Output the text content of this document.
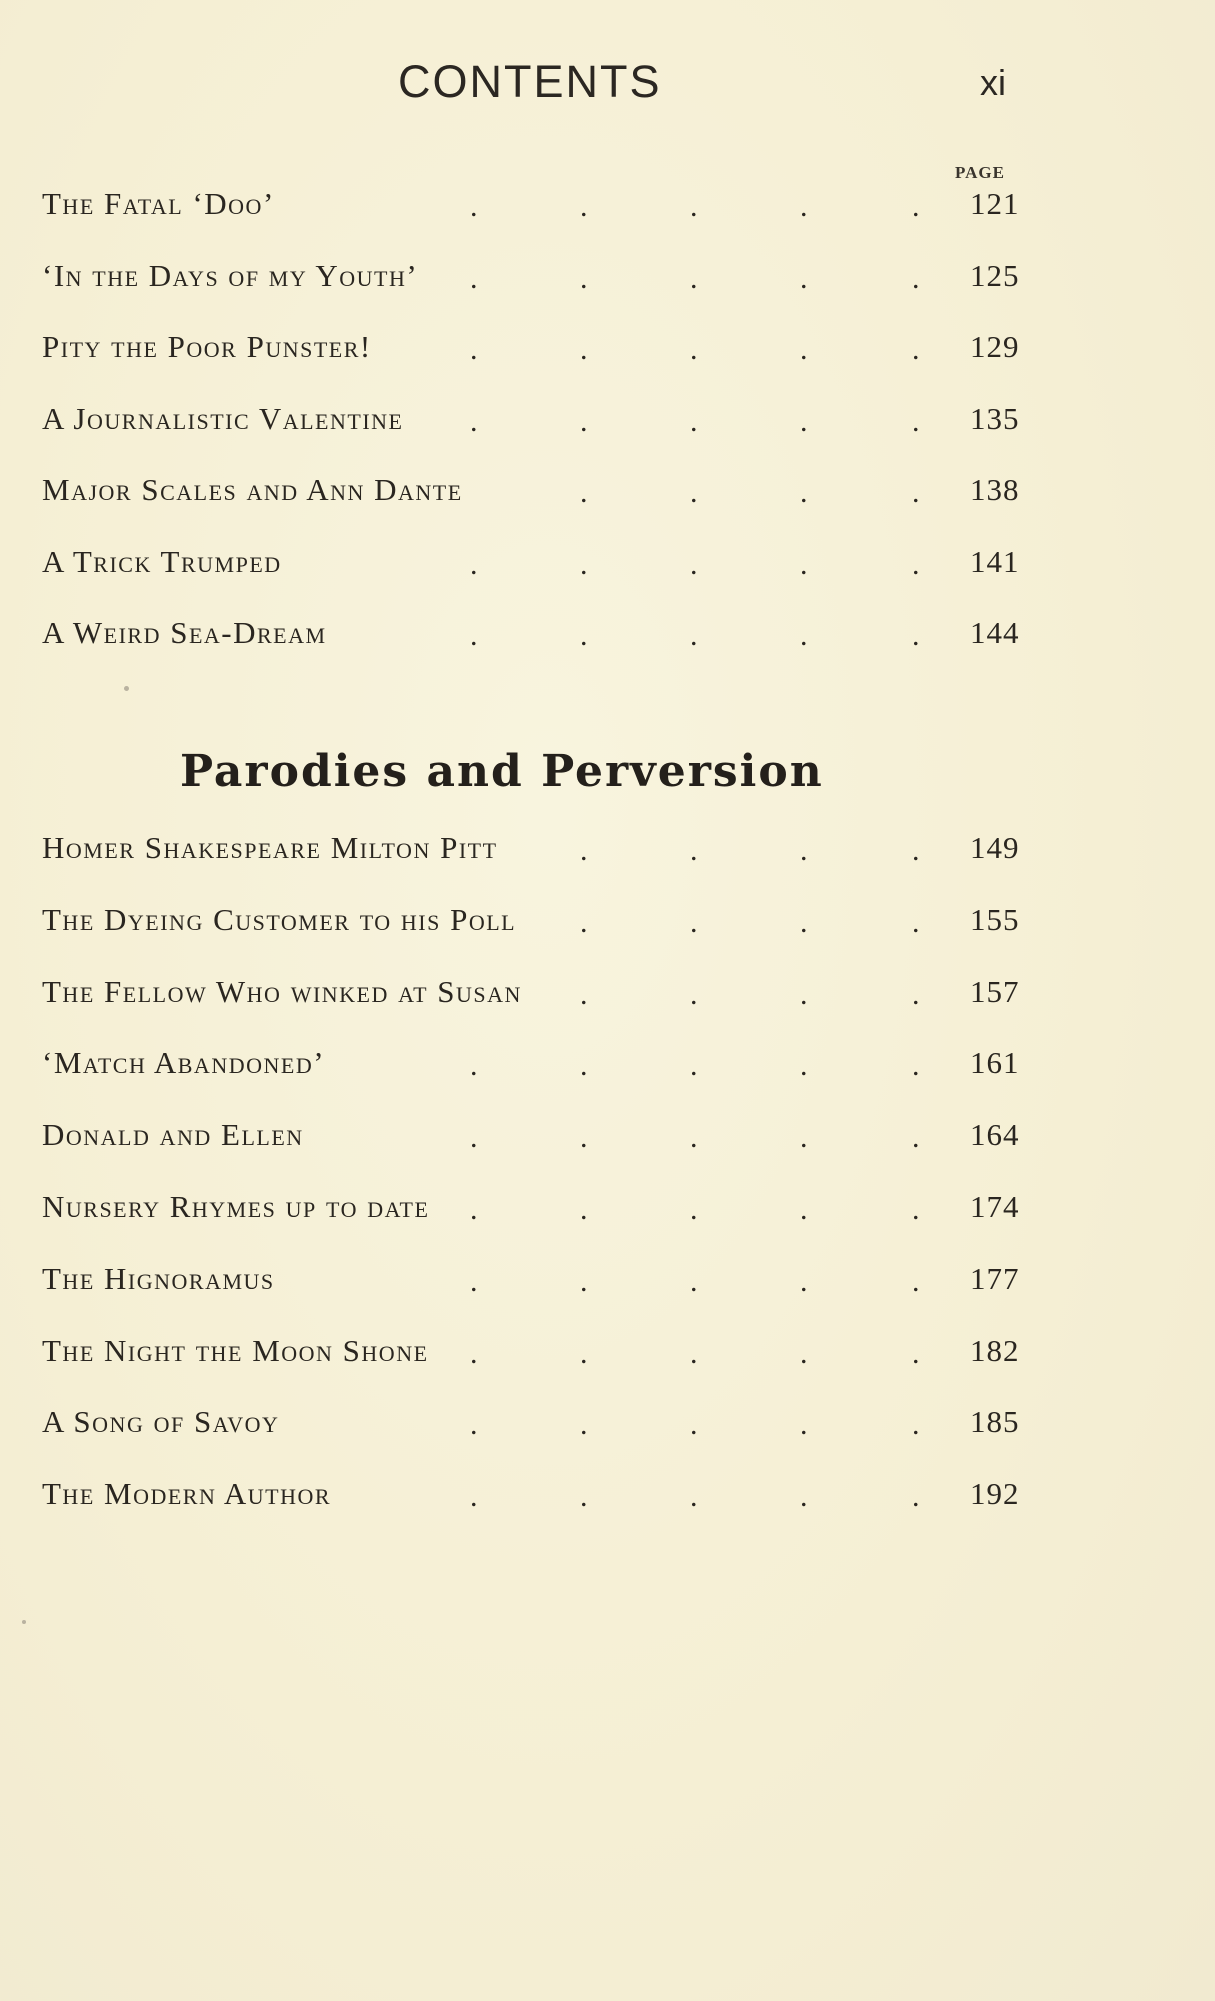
CONTENTS	xi
PAGE
.	.	.	.	.
The Fatal ‘Doo’	121
.	.	.	.	.
‘In the Days of my Youth’	125
.	.	.	.	.
Pity the Poor Punster!	129
.	.	.	.	.
A Journalistic Valentine	135
.	.	.	.
Major Scales and Ann Dante	138
.	.	.	.	.
A Trick Trumped	141
.	.	.	.	.
A Weird Sea-Dream	144
Parodies and Perversion
.	.	.	.
Homer Shakespeare Milton Pitt	149
.	.	.	.
The Dyeing Customer to his Poll	155
.	.	.	.
The Fellow Who winked at Susan	157
.	.	.	.	.
‘Match Abandoned’	161
.	.	.	.	.
Donald and Ellen	164
.	.	.	.	.
Nursery Rhymes up to date	174
.	.	.	.	.
The Hignoramus	177
.	.	.	.	.
The Night the Moon Shone	182
.	.	.	.	.
A Song of Savoy	185
.	.	.	.	.
The Modern Author	192
